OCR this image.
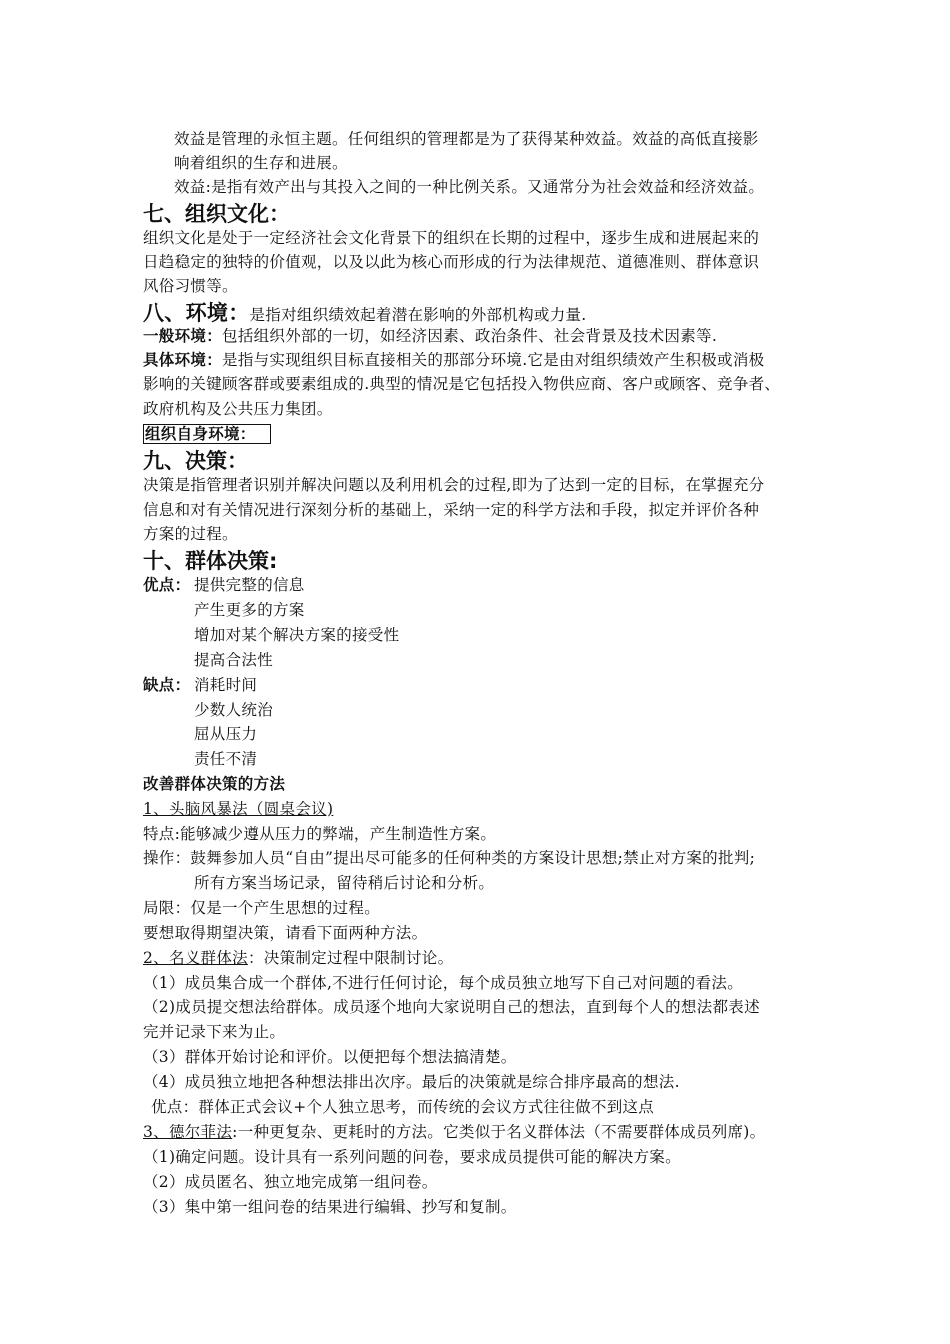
效益是管理的永恒主题。任何组织的管理都是为了获得某种效益。效益的高低直接影
响着组织的生存和进展。
效益:是指有效产出与其投入之间的一种比例关系。又通常分为社会效益和经济效益。
七、组织文化：
组织文化是处于一定经济社会文化背景下的组织在长期的过程中，逐步生成和进展起来的
日趋稳定的独特的价值观，以及以此为核心而形成的行为法律规范、道德准则、群体意识
风俗习惯等。
八、环境：是指对组织绩效起着潜在影响的外部机构或力量.
一般环境：包括组织外部的一切，如经济因素、政治条件、社会背景及技术因素等.
具体环境：是指与实现组织目标直接相关的那部分环境.它是由对组织绩效产生积极或消极
影响的关键顾客群或要素组成的.典型的情况是它包括投入物供应商、客户或顾客、竞争者、
政府机构及公共压力集团。
组织自身环境：
九、决策：
决策是指管理者识别并解决问题以及利用机会的过程,即为了达到一定的目标，在掌握充分
信息和对有关情况进行深刻分析的基础上，采纳一定的科学方法和手段，拟定并评价各种
方案的过程。
十、群体决策:
优点： 提供完整的信息
产生更多的方案
增加对某个解决方案的接受性
提高合法性
缺点： 消耗时间
少数人统治
屈从压力
责任不清
改善群体决策的方法
1、头脑风暴法（圆桌会议)
特点:能够减少遵从压力的弊端，产生制造性方案。
操作：鼓舞参加人员“自由”提出尽可能多的任何种类的方案设计思想;禁止对方案的批判;
所有方案当场记录，留待稍后讨论和分析。
局限：仅是一个产生思想的过程。
要想取得期望决策，请看下面两种方法。
2、名义群体法：决策制定过程中限制讨论。
（1）成员集合成一个群体,不进行任何讨论，每个成员独立地写下自己对问题的看法。
（2)成员提交想法给群体。成员逐个地向大家说明自己的想法，直到每个人的想法都表述
完并记录下来为止。
（3）群体开始讨论和评价。以便把每个想法搞清楚。
（4）成员独立地把各种想法排出次序。最后的决策就是综合排序最高的想法.
优点：群体正式会议+个人独立思考，而传统的会议方式往往做不到这点
3、德尔菲法:一种更复杂、更耗时的方法。它类似于名义群体法（不需要群体成员列席)。
（1)确定问题。设计具有一系列问题的问卷，要求成员提供可能的解决方案。
（2）成员匿名、独立地完成第一组问卷。
（3）集中第一组问卷的结果进行编辑、抄写和复制。
